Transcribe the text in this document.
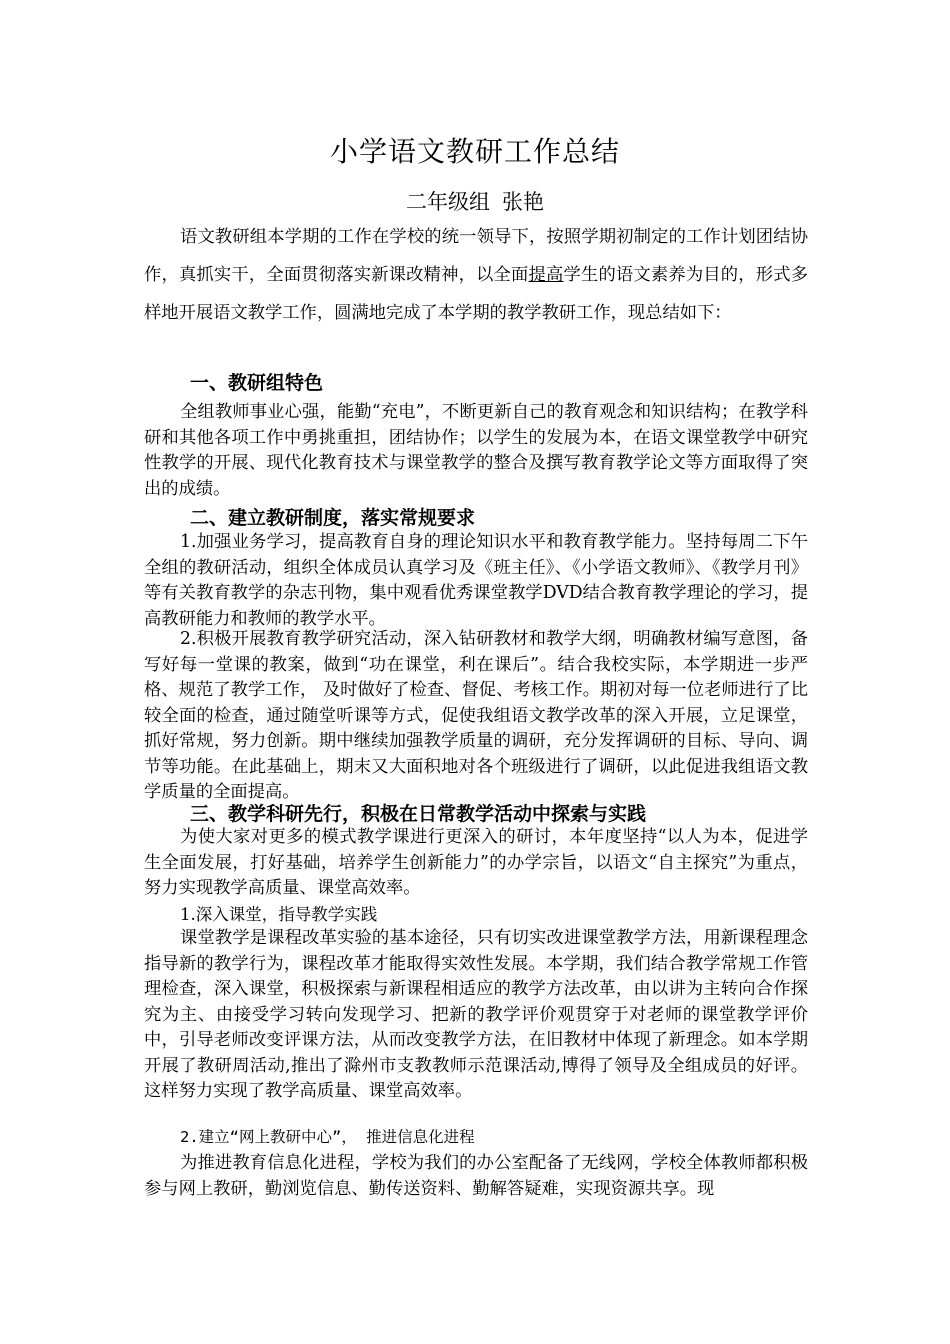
小学语文教研工作总结
二年级组 张艳
语文教研组本学期的工作在学校的统一领导下，按照学期初制定的工作计划团结协作，真抓实干，全面贯彻落实新课改精神，以全面提高学生的语文素养为目的，形式多样地开展语文教学工作，圆满地完成了本学期的教学教研工作，现总结如下：
一、教研组特色
全组教师事业心强，能勤“充电”，不断更新自己的教育观念和知识结构；在教学科研和其他各项工作中勇挑重担，团结协作；以学生的发展为本，在语文课堂教学中研究性教学的开展、现代化教育技术与课堂教学的整合及撰写教育教学论文等方面取得了突出的成绩。
二、建立教研制度，落实常规要求
1.加强业务学习，提高教育自身的理论知识水平和教育教学能力。坚持每周二下午全组的教研活动，组织全体成员认真学习及《班主任》、《小学语文教师》、《教学月刊》等有关教育教学的杂志刊物，集中观看优秀课堂教学DVD结合教育教学理论的学习，提高教研能力和教师的教学水平。
2.积极开展教育教学研究活动，深入钻研教材和教学大纲，明确教材编写意图，备写好每一堂课的教案，做到“功在课堂，利在课后”。结合我校实际，本学期进一步严格、规范了教学工作， 及时做好了检查、督促、考核工作。期初对每一位老师进行了比较全面的检查，通过随堂听课等方式，促使我组语文教学改革的深入开展，立足课堂，抓好常规，努力创新。期中继续加强教学质量的调研，充分发挥调研的目标、导向、调节等功能。在此基础上，期末又大面积地对各个班级进行了调研，以此促进我组语文教学质量的全面提高。
三、教学科研先行，积极在日常教学活动中探索与实践
为使大家对更多的模式教学课进行更深入的研讨，本年度坚持“以人为本，促进学生全面发展，打好基础，培养学生创新能力”的办学宗旨，以语文“自主探究”为重点，努力实现教学高质量、课堂高效率。
1.深入课堂，指导教学实践
课堂教学是课程改革实验的基本途径，只有切实改进课堂教学方法，用新课程理念指导新的教学行为，课程改革才能取得实效性发展。本学期，我们结合教学常规工作管理检查，深入课堂，积极探索与新课程相适应的教学方法改革，由以讲为主转向合作探究为主、由接受学习转向发现学习、把新的教学评价观贯穿于对老师的课堂教学评价中，引导老师改变评课方法，从而改变教学方法，在旧教材中体现了新理念。如本学期开展了教研周活动,推出了滁州市支教教师示范课活动,博得了领导及全组成员的好评。这样努力实现了教学高质量、课堂高效率。
2.建立“网上教研中心”， 推进信息化进程
为推进教育信息化进程，学校为我们的办公室配备了无线网，学校全体教师都积极参与网上教研，勤浏览信息、勤传送资料、勤解答疑难，实现资源共享。现
